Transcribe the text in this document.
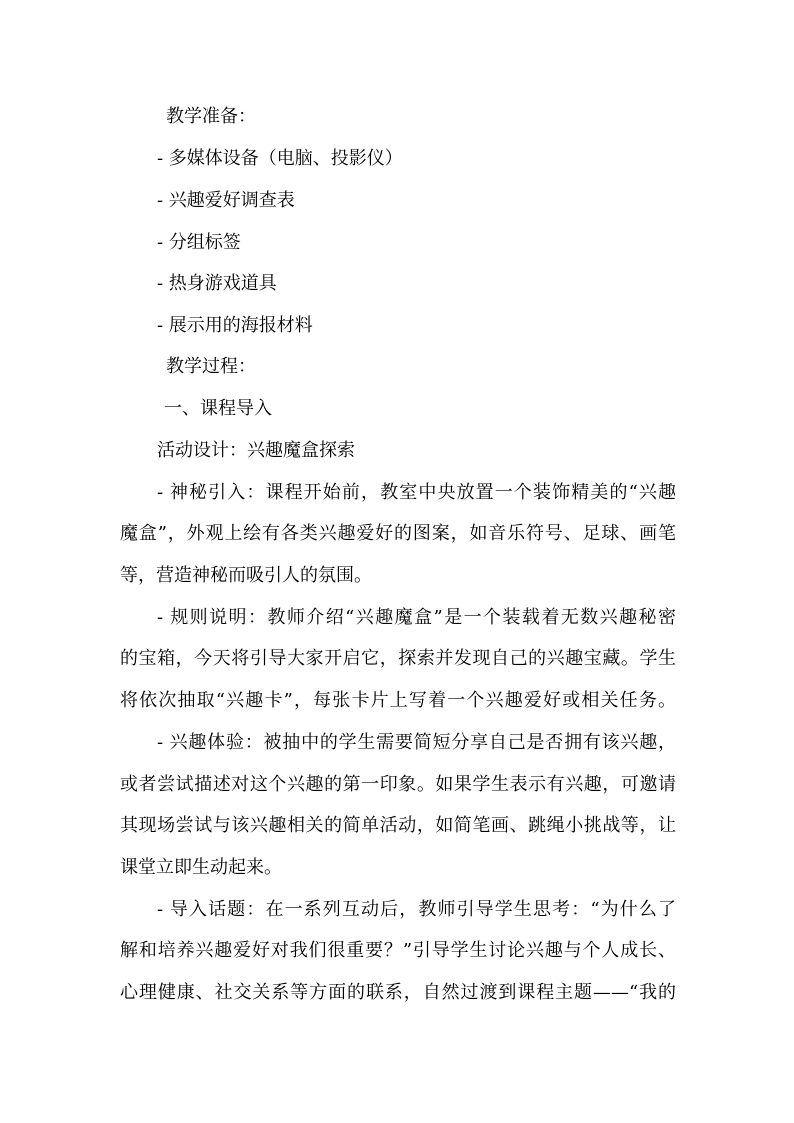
教学准备：
- 多媒体设备（电脑、投影仪）
- 兴趣爱好调查表
- 分组标签
- 热身游戏道具
- 展示用的海报材料
教学过程：
一、课程导入
活动设计：兴趣魔盒探索
- 神秘引入：课程开始前，教室中央放置一个装饰精美的“兴趣
魔盒”，外观上绘有各类兴趣爱好的图案，如音乐符号、足球、画笔
等，营造神秘而吸引人的氛围。
- 规则说明：教师介绍“兴趣魔盒”是一个装载着无数兴趣秘密
的宝箱，今天将引导大家开启它，探索并发现自己的兴趣宝藏。学生
将依次抽取“兴趣卡”，每张卡片上写着一个兴趣爱好或相关任务。
- 兴趣体验：被抽中的学生需要简短分享自己是否拥有该兴趣，
或者尝试描述对这个兴趣的第一印象。如果学生表示有兴趣，可邀请
其现场尝试与该兴趣相关的简单活动，如简笔画、跳绳小挑战等，让
课堂立即生动起来。
- 导入话题：在一系列互动后，教师引导学生思考：“为什么了
解和培养兴趣爱好对我们很重要？”引导学生讨论兴趣与个人成长、
心理健康、社交关系等方面的联系，自然过渡到课程主题——“我的
